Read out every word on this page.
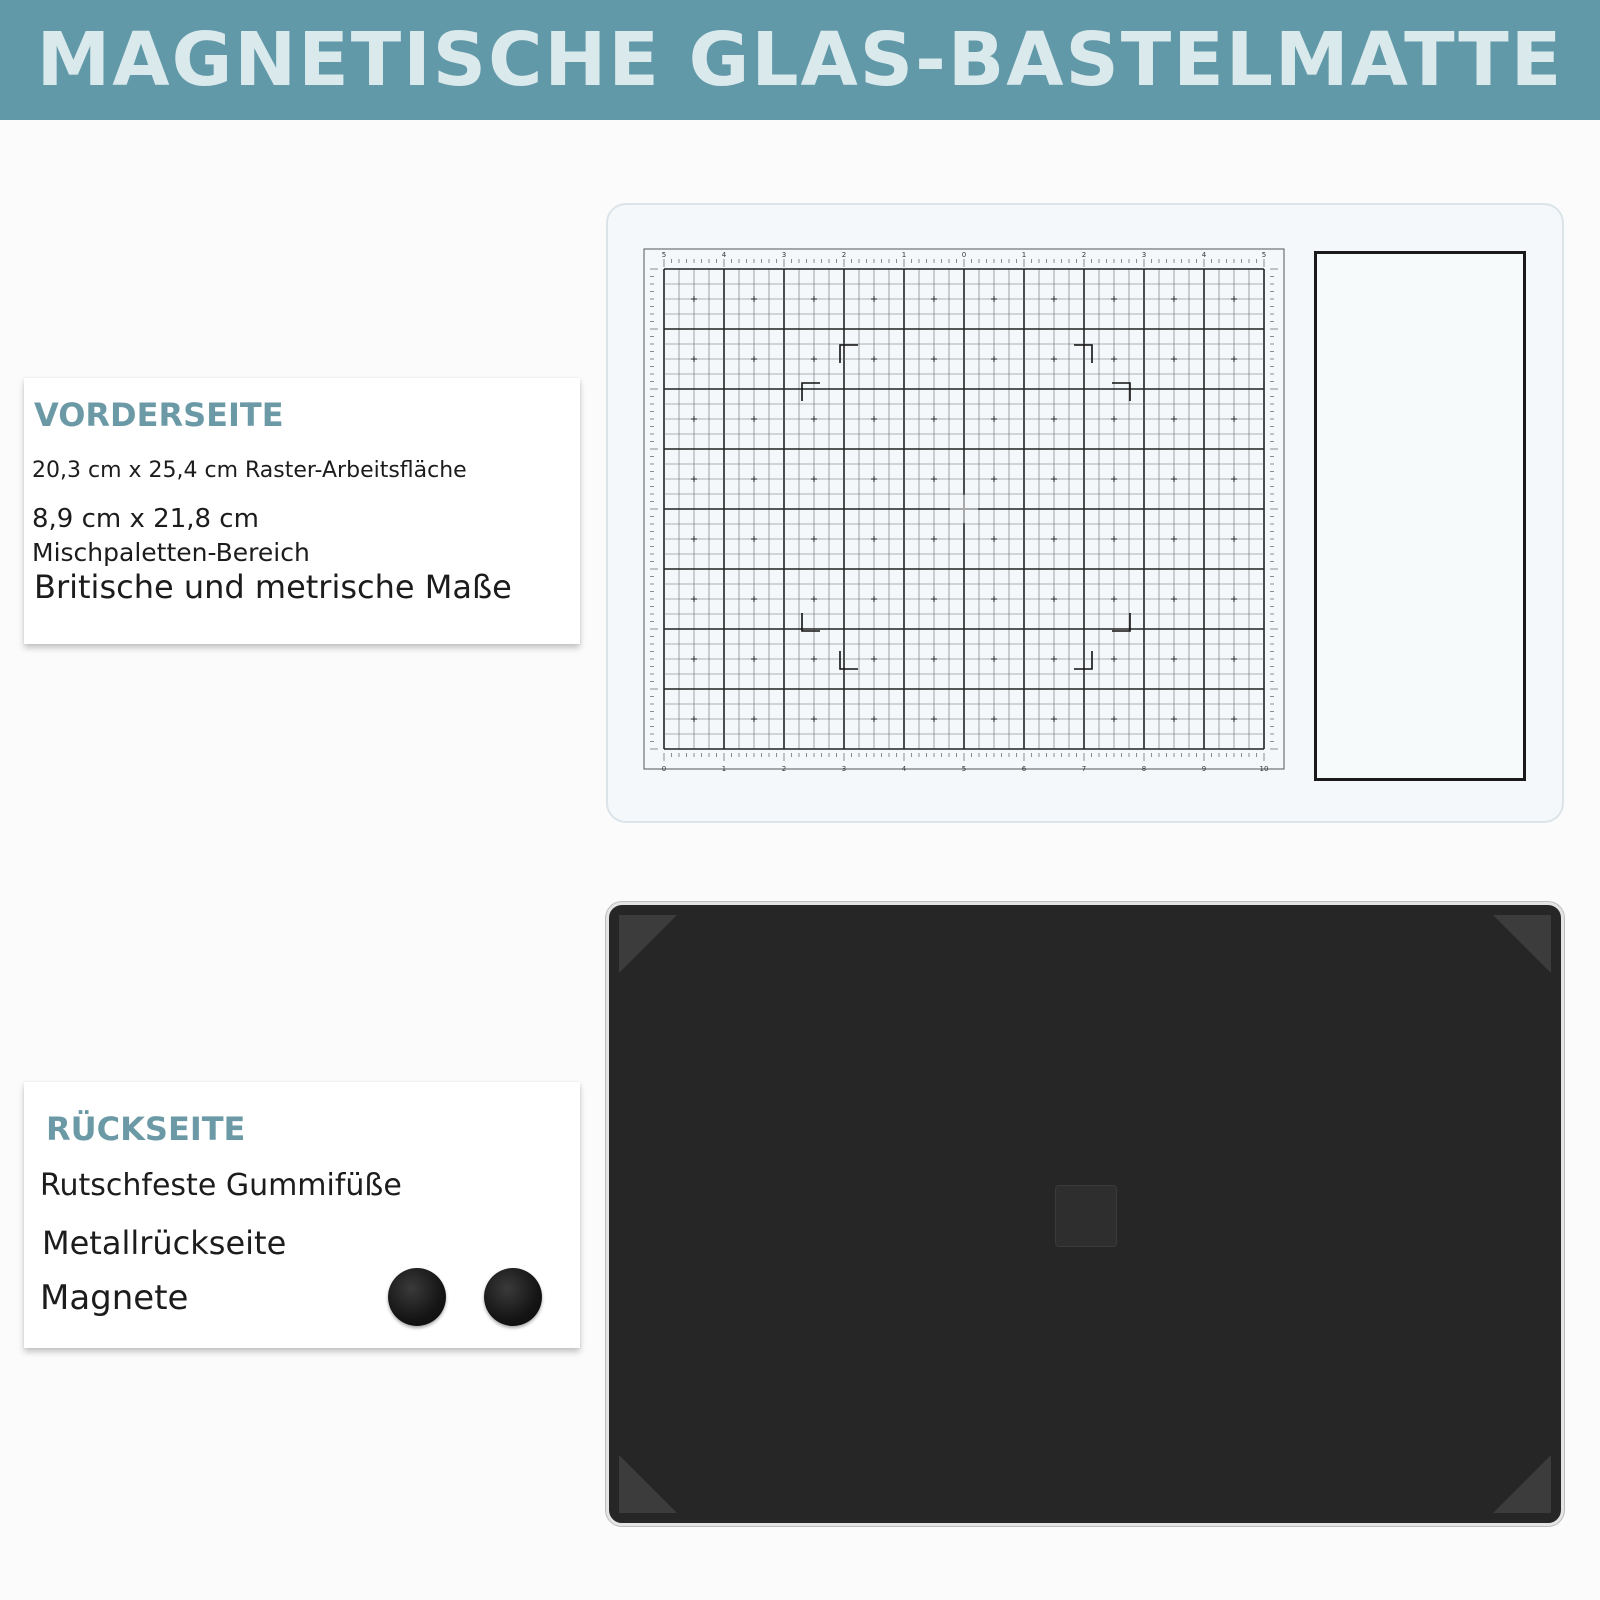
MAGNETISCHE GLAS-BASTELMATTE
VORDERSEITE
20,3 cm x 25,4 cm Raster-Arbeitsfläche
8,9 cm x 21,8 cm
Mischpaletten-Bereich
Britische und metrische Maße
RÜCKSEITE
Rutschfeste Gummifüße
Metallrückseite
Magnete
5	4	3	2	1	0	1	2	3	4	5
0	1	2	3	4	5	6	7	8	9	10
